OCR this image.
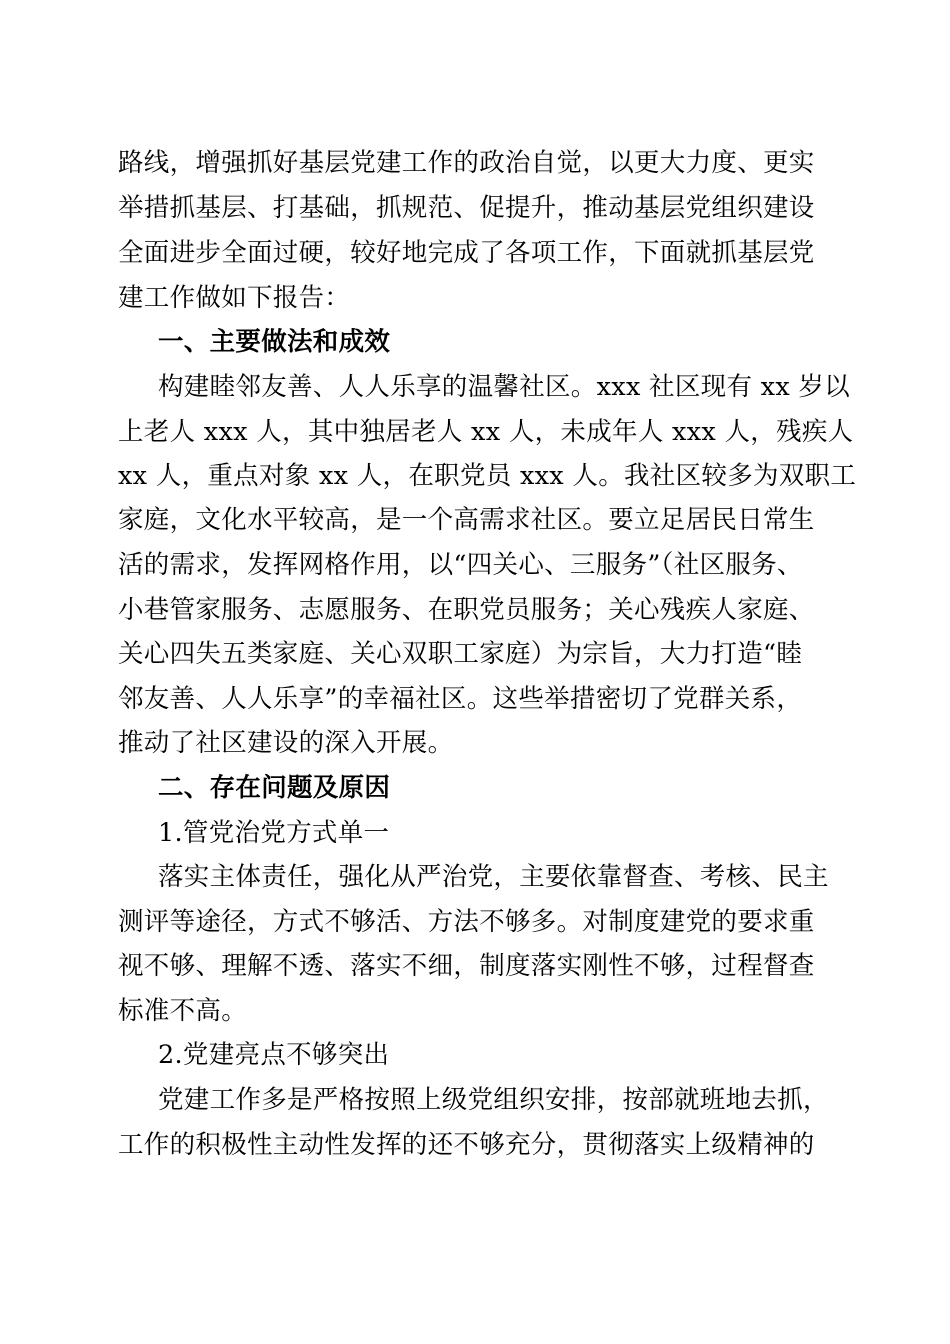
路线，增强抓好基层党建工作的政治自觉，以更大力度、更实
举措抓基层、打基础，抓规范、促提升，推动基层党组织建设
全面进步全面过硬，较好地完成了各项工作，下面就抓基层党
建工作做如下报告：
一、主要做法和成效
构建睦邻友善、人人乐享的温馨社区。xxx 社区现有 xx 岁以
上老人 xxx 人，其中独居老人 xx 人，未成年人 xxx 人，残疾人
xx 人，重点对象 xx 人，在职党员 xxx 人。我社区较多为双职工
家庭，文化水平较高，是一个高需求社区。要立足居民日常生
活的需求，发挥网格作用，以“四关心、三服务”（社区服务、
小巷管家服务、志愿服务、在职党员服务；关心残疾人家庭、
关心四失五类家庭、关心双职工家庭）为宗旨，大力打造“睦
邻友善、人人乐享”的幸福社区。这些举措密切了党群关系，
推动了社区建设的深入开展。
二、存在问题及原因
1.管党治党方式单一
落实主体责任，强化从严治党，主要依靠督查、考核、民主
测评等途径，方式不够活、方法不够多。对制度建党的要求重
视不够、理解不透、落实不细，制度落实刚性不够，过程督查
标准不高。
2.党建亮点不够突出
党建工作多是严格按照上级党组织安排，按部就班地去抓，
工作的积极性主动性发挥的还不够充分，贯彻落实上级精神的
